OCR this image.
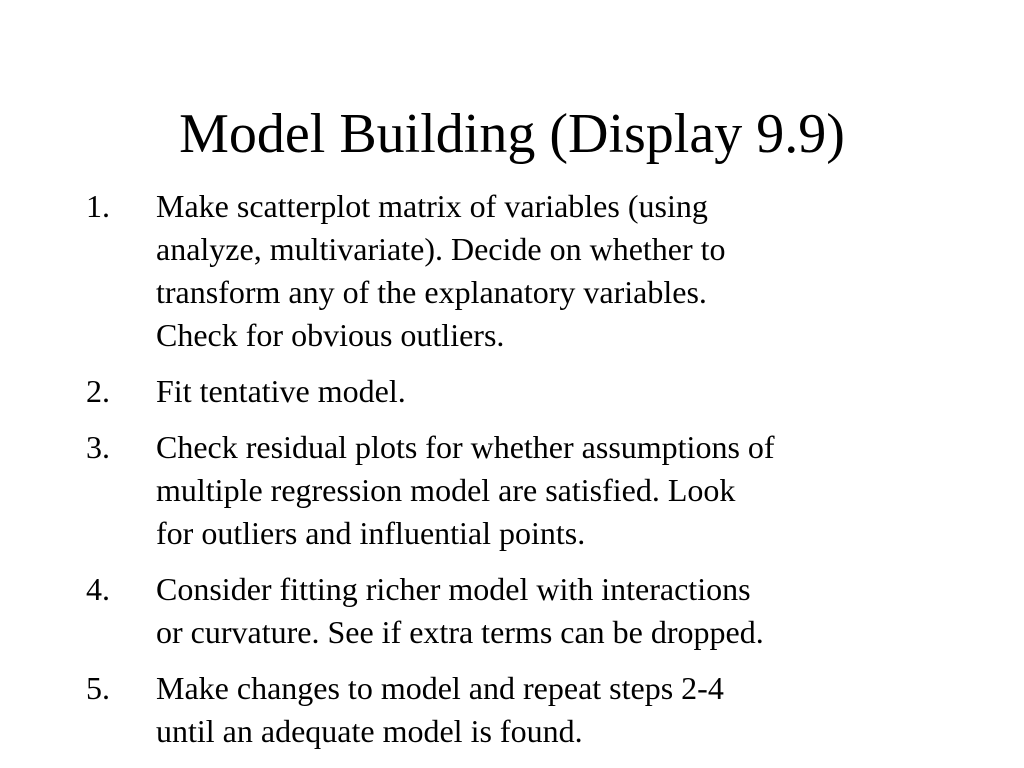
Model Building (Display 9.9)
1.	Make scatterplot matrix of variables (using
analyze, multivariate). Decide on whether to
transform any of the explanatory variables.
Check for obvious outliers.
2.	Fit tentative model.
3.	Check residual plots for whether assumptions of
multiple regression model are satisfied. Look
for outliers and influential points.
4.	Consider fitting richer model with interactions
or curvature. See if extra terms can be dropped.
5.	Make changes to model and repeat steps 2-4
until an adequate model is found.
